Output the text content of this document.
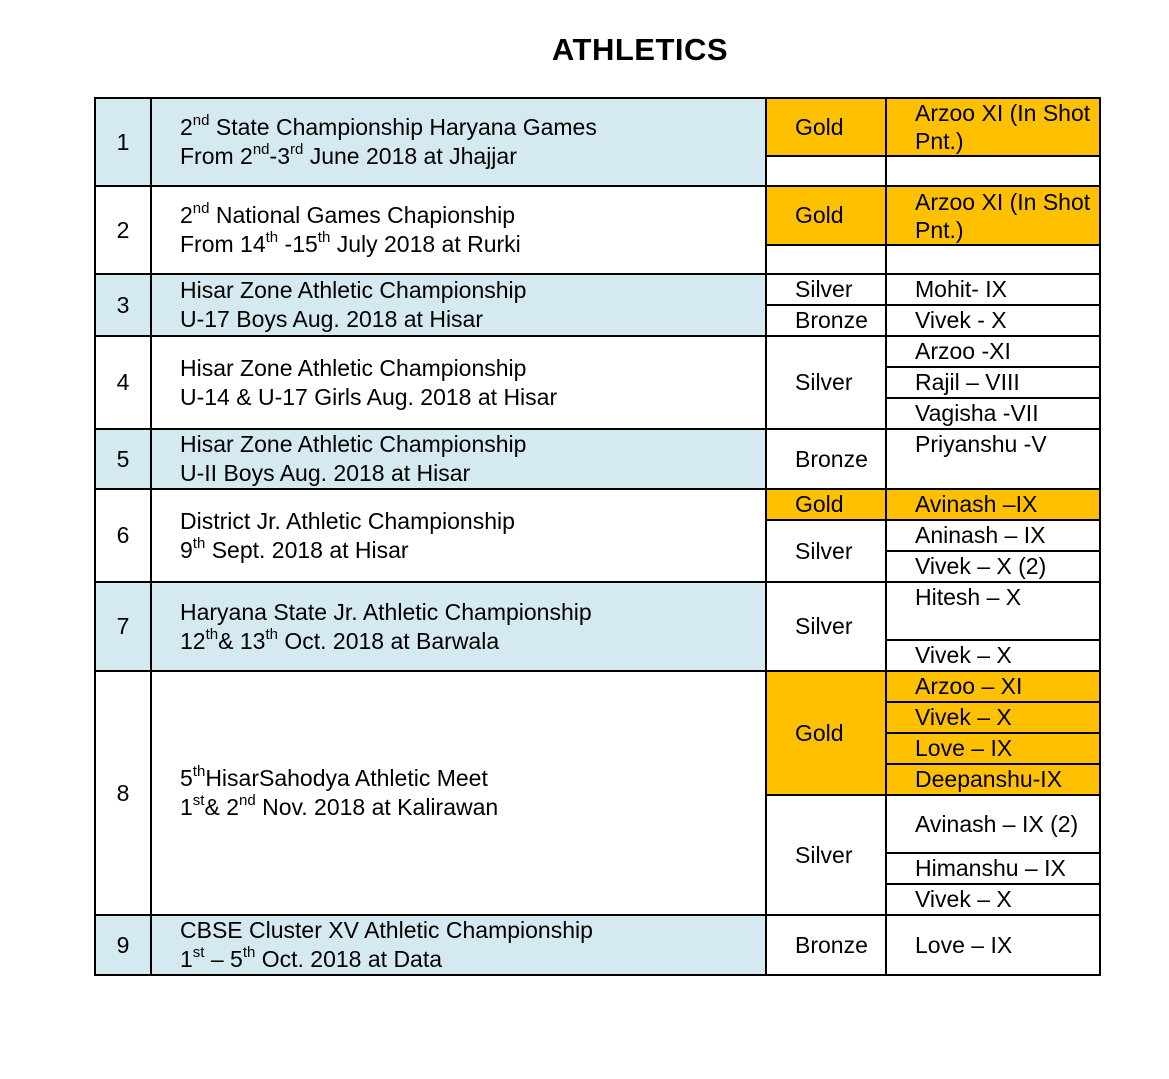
ATHLETICS
1	2nd State Championship Haryana Games
From 2nd-3rd June 2018 at Jhajjar	Gold	Arzoo XI (In Shot Pnt.)

2	2nd National Games Chapionship
From 14th -15th July 2018 at Rurki	Gold	Arzoo XI (In Shot Pnt.)

3	Hisar Zone Athletic Championship
U-17 Boys Aug. 2018 at Hisar	Silver	Mohit- IX
		Bronze	Vivek - X
4	Hisar Zone Athletic Championship
U-14 & U-17 Girls Aug. 2018 at Hisar	Silver	Arzoo -XI
			Rajil – VIII
			Vagisha -VII
5	Hisar Zone Athletic Championship
U-II Boys Aug. 2018 at Hisar	Bronze	Priyanshu -V
6	District Jr. Athletic Championship
9th Sept. 2018 at Hisar	Gold	Avinash –IX
		Silver	Aninash – IX
			Vivek – X (2)
7	Haryana State Jr. Athletic Championship
12th& 13th Oct. 2018 at Barwala	Silver	Hitesh – X
			Vivek – X
8	5thHisarSahodya Athletic Meet
1st& 2nd Nov. 2018 at Kalirawan	Gold	Arzoo – XI
			Vivek – X
			Love – IX
			Deepanshu-IX
		Silver	Avinash – IX (2)
			Himanshu – IX
			Vivek – X
9	CBSE Cluster XV Athletic Championship
1st – 5th Oct. 2018 at Data	Bronze	Love – IX
